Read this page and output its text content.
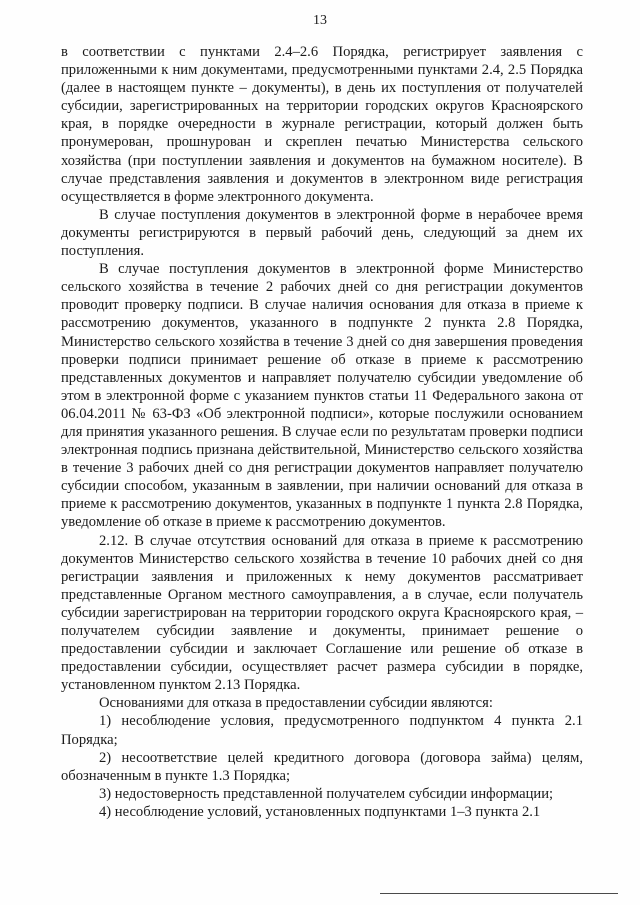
13

в соответствии с пунктами 2.4–2.6 Порядка, регистрирует заявления с приложенными к ним документами, предусмотренными пунктами 2.4, 2.5 Порядка (далее в настоящем пункте – документы), в день их поступления от получателей субсидии, зарегистрированных на территории городских округов Красноярского края, в порядке очередности в журнале регистрации, который должен быть пронумерован, прошнурован и скреплен печатью Министерства сельского хозяйства (при поступлении заявления и документов на бумажном носителе). В случае представления заявления и документов в электронном виде регистрация осуществляется в форме электронного документа.

В случае поступления документов в электронной форме в нерабочее время документы регистрируются в первый рабочий день, следующий за днем их поступления.

В случае поступления документов в электронной форме Министерство сельского хозяйства в течение 2 рабочих дней со дня регистрации документов проводит проверку подписи. В случае наличия основания для отказа в приеме к рассмотрению документов, указанного в подпункте 2 пункта 2.8 Порядка, Министерство сельского хозяйства в течение 3 дней со дня завершения проведения проверки подписи принимает решение об отказе в приеме к рассмотрению представленных документов и направляет получателю субсидии уведомление об этом в электронной форме с указанием пунктов статьи 11 Федерального закона от 06.04.2011 № 63-ФЗ «Об электронной подписи», которые послужили основанием для принятия указанного решения. В случае если по результатам проверки подписи электронная подпись признана действительной, Министерство сельского хозяйства в течение 3 рабочих дней со дня регистрации документов направляет получателю субсидии способом, указанным в заявлении, при наличии оснований для отказа в приеме к рассмотрению документов, указанных в подпункте 1 пункта 2.8 Порядка, уведомление об отказе в приеме к рассмотрению документов.

2.12. В случае отсутствия оснований для отказа в приеме к рассмотрению документов Министерство сельского хозяйства в течение 10 рабочих дней со дня регистрации заявления и приложенных к нему документов рассматривает представленные Органом местного самоуправления, а в случае, если получатель субсидии зарегистрирован на территории городского округа Красноярского края, – получателем субсидии заявление и документы, принимает решение о предоставлении субсидии и заключает Соглашение или решение об отказе в предоставлении субсидии, осуществляет расчет размера субсидии в порядке, установленном пунктом 2.13 Порядка.

Основаниями для отказа в предоставлении субсидии являются:

1) несоблюдение условия, предусмотренного подпунктом 4 пункта 2.1 Порядка;

2) несоответствие целей кредитного договора (договора займа) целям, обозначенным в пункте 1.3 Порядка;

3) недостоверность представленной получателем субсидии информации;

4) несоблюдение условий, установленных подпунктами 1–3 пункта 2.1
